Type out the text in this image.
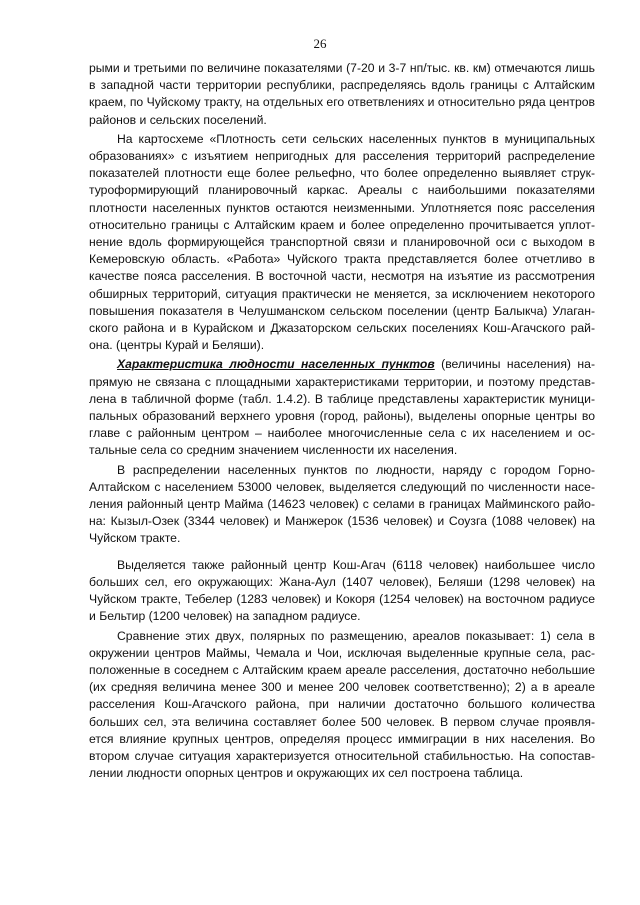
26

рыми и третьими по величине показателями (7-20 и 3-7 нп/тыс. кв. км) отмечаются лишь в западной части территории республики, распределяясь вдоль границы с Алтайским краем, по Чуйскому тракту, на отдельных его ответвлениях и относительно ряда центров районов и сельских поселений.

На картосхеме «Плотность сети сельских населенных пунктов в муниципальных образованиях» с изъятием непригодных для расселения территорий распределение показателей плотности еще более рельефно, что более определенно выявляет структуроформирующий планировочный каркас. Ареалы с наибольшими показателями плотности населенных пунктов остаются неизменными. Уплотняется пояс расселения относительно границы с Алтайским краем и более определенно прочитывается уплотнение вдоль формирующейся транспортной связи и планировочной оси с выходом в Кемеровскую область. «Работа» Чуйского тракта представляется более отчетливо в качестве пояса расселения. В восточной части, несмотря на изъятие из рассмотрения обширных территорий, ситуация практически не меняется, за исключением некоторого повышения показателя в Челушманском сельском поселении (центр Балыкча) Улаганского района и в Курайском и Джазаторском сельских поселениях Кош-Агачского района. (центры Курай и Беляши).

Характеристика людности населенных пунктов (величины населения) напрямую не связана с площадными характеристиками территории, и поэтому представлена в табличной форме (табл. 1.4.2). В таблице представлены характеристик муниципальных образований верхнего уровня (город, районы), выделены опорные центры во главе с районным центром – наиболее многочисленные села с их населением и остальные села со средним значением численности их населения.

В распределении населенных пунктов по людности, наряду с городом Горно-Алтайском с населением 53000 человек, выделяется следующий по численности населения районный центр Майма (14623 человек) с селами в границах Майминского района: Кызыл-Озек (3344 человек) и Манжерок (1536 человек) и Соузга (1088 человек) на Чуйском тракте.

Выделяется также районный центр Кош-Агач (6118 человек) наибольшее число больших сел, его окружающих: Жана-Аул (1407 человек), Беляши (1298 человек) на Чуйском тракте, Тебелер (1283 человек) и Кокоря (1254 человек) на восточном радиусе и Бельтир (1200 человек) на западном радиусе.

Сравнение этих двух, полярных по размещению, ареалов показывает: 1) села в окружении центров Маймы, Чемала и Чои, исключая выделенные крупные села, расположенные в соседнем с Алтайским краем ареале расселения, достаточно небольшие (их средняя величина менее 300 и менее 200 человек соответственно); 2) а в ареале расселения Кош-Агачского района, при наличии достаточно большого количества больших сел, эта величина составляет более 500 человек. В первом случае проявляется влияние крупных центров, определяя процесс иммиграции в них населения. Во втором случае ситуация характеризуется относительной стабильностью. На сопоставлении людности опорных центров и окружающих их сел построена таблица.
